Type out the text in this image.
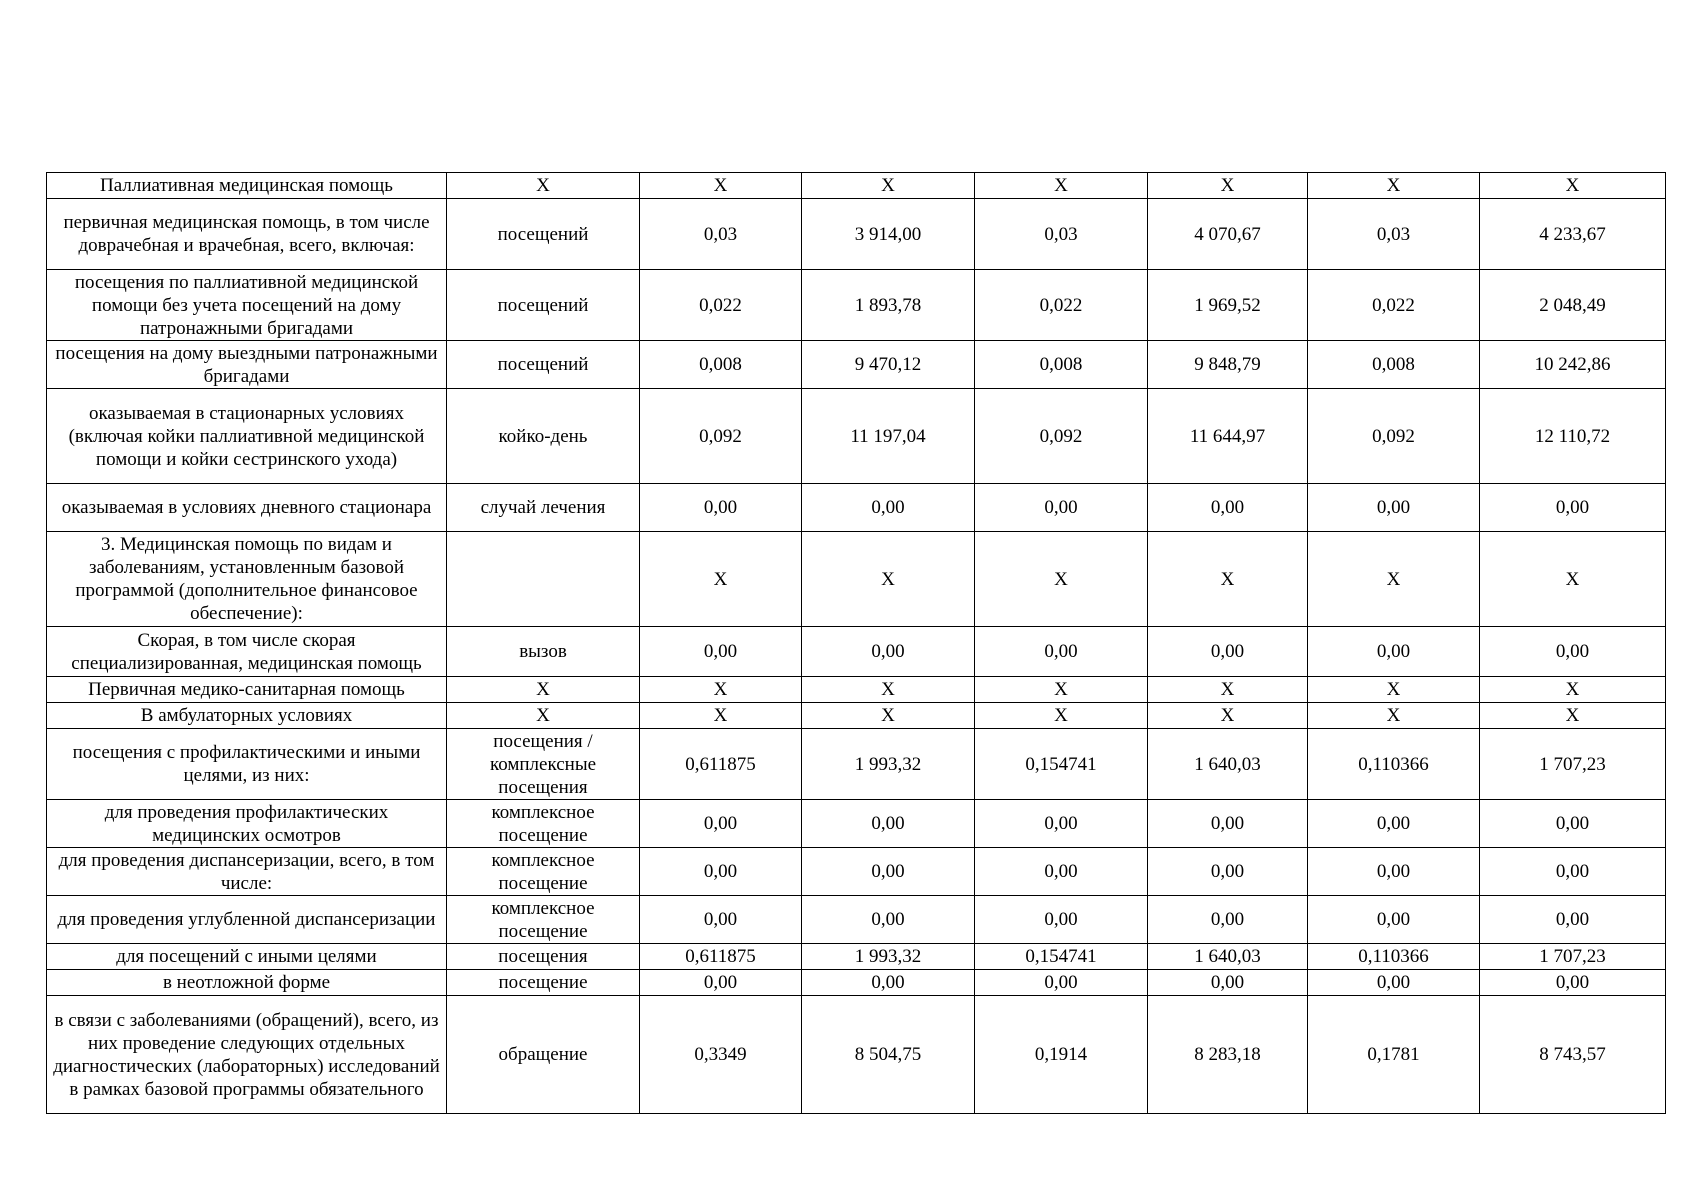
Паллиативная медицинская помощь	Х	Х	Х	Х	Х	Х	Х
первичная медицинская помощь, в том числе доврачебная и врачебная, всего, включая:	посещений	0,03	3 914,00	0,03	4 070,67	0,03	4 233,67
посещения по паллиативной медицинской помощи без учета посещений на дому патронажными бригадами	посещений	0,022	1 893,78	0,022	1 969,52	0,022	2 048,49
посещения на дому выездными патронажными бригадами	посещений	0,008	9 470,12	0,008	9 848,79	0,008	10 242,86
оказываемая в стационарных условиях (включая койки паллиативной медицинской помощи и койки сестринского ухода)	койко-день	0,092	11 197,04	0,092	11 644,97	0,092	12 110,72
оказываемая в условиях дневного стационара	случай лечения	0,00	0,00	0,00	0,00	0,00	0,00
3. Медицинская помощь по видам и заболеваниям, установленным базовой программой (дополнительное финансовое обеспечение):		Х	Х	Х	Х	Х	Х
Скорая, в том числе скорая специализированная, медицинская помощь	вызов	0,00	0,00	0,00	0,00	0,00	0,00
Первичная медико-санитарная помощь	Х	Х	Х	Х	Х	Х	Х
В амбулаторных условиях	Х	Х	Х	Х	Х	Х	Х
посещения с профилактическими и иными целями, из них:	посещения / комплексные посещения	0,611875	1 993,32	0,154741	1 640,03	0,110366	1 707,23
для проведения профилактических медицинских осмотров	комплексное посещение	0,00	0,00	0,00	0,00	0,00	0,00
для проведения диспансеризации, всего, в том числе:	комплексное посещение	0,00	0,00	0,00	0,00	0,00	0,00
для проведения углубленной диспансеризации	комплексное посещение	0,00	0,00	0,00	0,00	0,00	0,00
для посещений с иными целями	посещения	0,611875	1 993,32	0,154741	1 640,03	0,110366	1 707,23
в неотложной форме	посещение	0,00	0,00	0,00	0,00	0,00	0,00
в связи с заболеваниями (обращений), всего, из них проведение следующих отдельных диагностических (лабораторных) исследований в рамках базовой программы обязательного	обращение	0,3349	8 504,75	0,1914	8 283,18	0,1781	8 743,57
